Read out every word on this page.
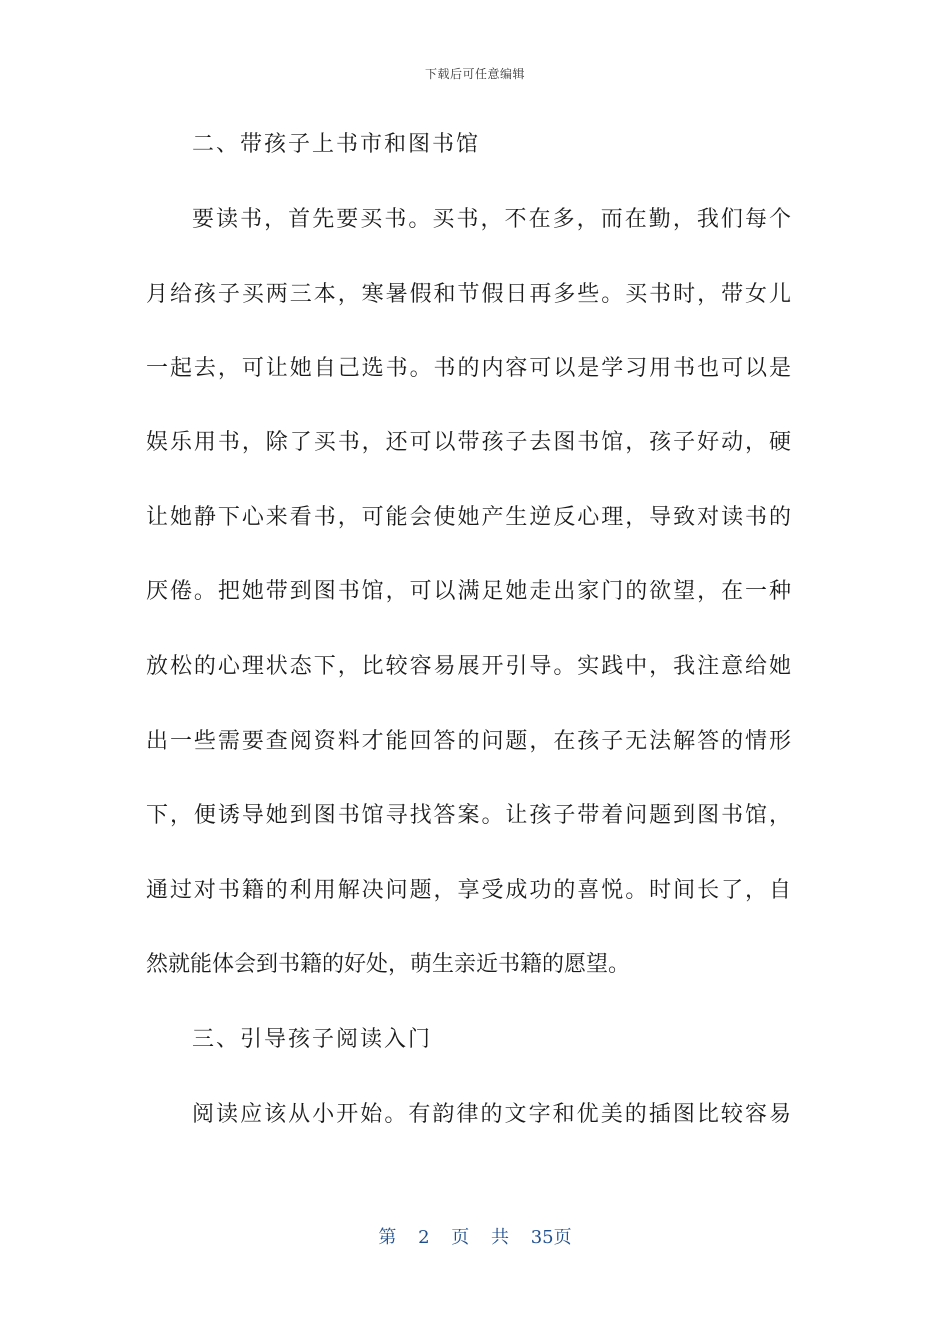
下载后可任意编辑
二、带孩子上书市和图书馆
要读书，首先要买书。买书，不在多，而在勤，我们每个
月给孩子买两三本，寒暑假和节假日再多些。买书时，带女儿
一起去，可让她自己选书。书的内容可以是学习用书也可以是
娱乐用书，除了买书，还可以带孩子去图书馆，孩子好动，硬
让她静下心来看书，可能会使她产生逆反心理，导致对读书的
厌倦。把她带到图书馆，可以满足她走出家门的欲望，在一种
放松的心理状态下，比较容易展开引导。实践中，我注意给她
出一些需要查阅资料才能回答的问题，在孩子无法解答的情形
下，便诱导她到图书馆寻找答案。让孩子带着问题到图书馆，
通过对书籍的利用解决问题，享受成功的喜悦。时间长了，自
然就能体会到书籍的好处，萌生亲近书籍的愿望。
三、引导孩子阅读入门
阅读应该从小开始。有韵律的文字和优美的插图比较容易
第 2 页 共 35页
